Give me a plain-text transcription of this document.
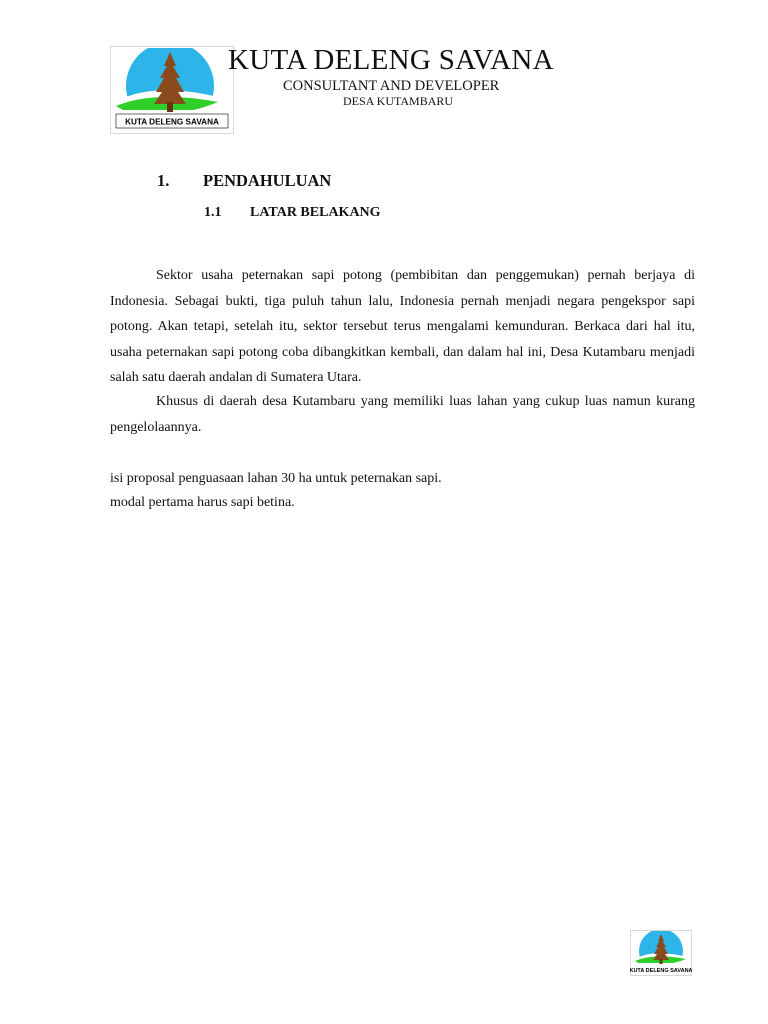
KUTA DELENG SAVANA
KUTA DELENG SAVANA
CONSULTANT AND DEVELOPER
DESA KUTAMBARU
1. PENDAHULUAN
1.1 LATAR BELAKANG

Sektor usaha peternakan sapi potong (pembibitan dan penggemukan) pernah berjaya di Indonesia. Sebagai bukti, tiga puluh tahun lalu, Indonesia pernah menjadi negara pengekspor sapi potong. Akan tetapi, setelah itu, sektor tersebut terus mengalami kemunduran. Berkaca dari hal itu, usaha peternakan sapi potong coba dibangkitkan kembali, dan dalam hal ini, Desa Kutambaru menjadi salah satu daerah andalan di Sumatera Utara.

Khusus di daerah desa Kutambaru yang memiliki luas lahan yang cukup luas namun kurang pengelolaannya.

isi proposal penguasaan lahan 30 ha untuk peternakan sapi.
modal pertama harus sapi betina.
KUTA DELENG SAVANA
